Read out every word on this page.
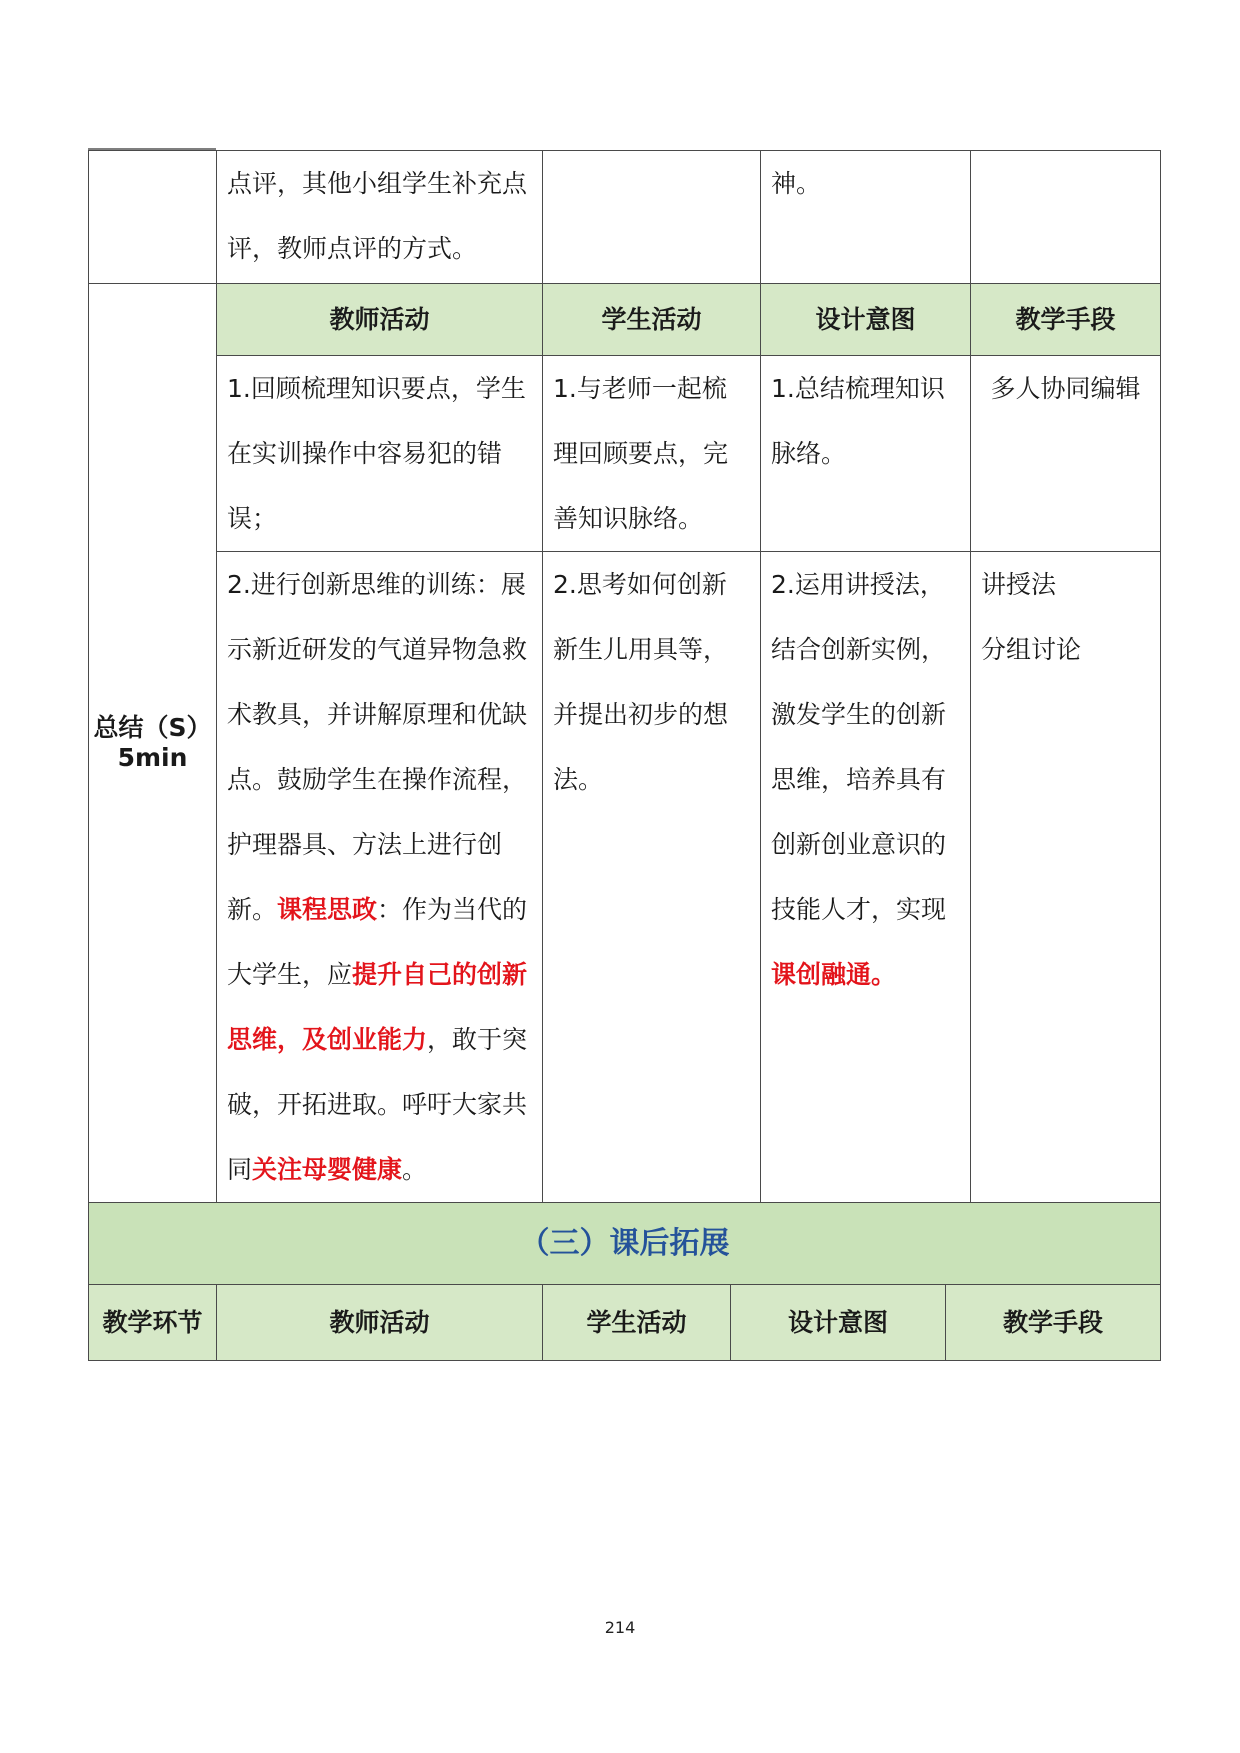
	点评，其他小组学生补充点评，教师点评的方式。		神。	

总结（S）
5min	教师活动	学生活动	设计意图	教学手段
	1.回顾梳理知识要点，学生在实训操作中容易犯的错误；	1.与老师一起梳理回顾要点，完善知识脉络。	1.总结梳理知识脉络。	多人协同编辑
	2.进行创新思维的训练：展示新近研发的气道异物急救术教具，并讲解原理和优缺点。鼓励学生在操作流程，护理器具、方法上进行创新。课程思政：作为当代的大学生，应提升自己的创新思维，及创业能力，敢于突破，开拓进取。呼吁大家共同关注母婴健康。	2.思考如何创新新生儿用具等，并提出初步的想法。	2.运用讲授法，结合创新实例，激发学生的创新思维，培养具有创新创业意识的技能人才，实现课创融通。	讲授法
分组讨论
（三）课后拓展
教学环节	教师活动	学生活动	设计意图	教学手段
214
